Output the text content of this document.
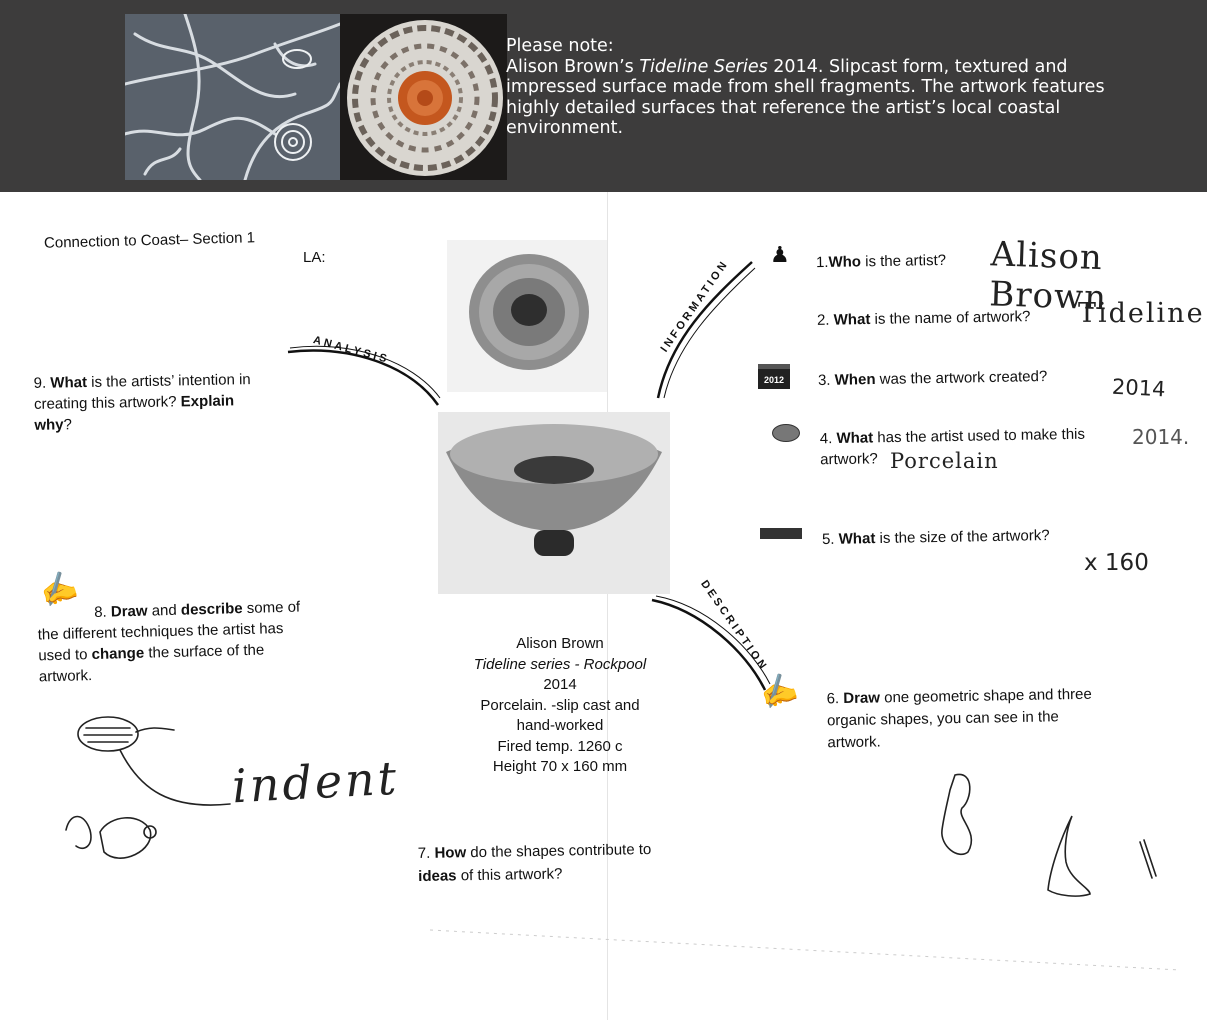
Please note:

Alison Brown’s Tideline Series 2014. Slipcast form, textured and impressed surface made from shell fragments. The artwork features highly detailed surfaces that reference the artist’s local coastal environment.

Connection to Coast– Section 1
LA:
ANALYSIS	INFORMATION
DESCRIPTION
Alison Brown
Tideline series - Rockpool
2014
Porcelain. -slip cast and
hand-worked
Fired temp. 1260 c
Height 70 x 160 mm
♟
2012
✍
✍
1.Who is the artist?
2. What is the name of artwork?
3. When was the artwork created?
4. What has the artist used to make this
artwork?
5. What is the size of the artwork?
6. Draw one geometric shape and three
organic shapes, you can see in the
artwork.
7. How do the shapes contribute to
ideas of this artwork?
8. Draw and describe some of
the different techniques the artist has
used to change the surface of the
artwork.
9. What is the artists’ intention in
creating this artwork? Explain
why?
Alison Brown
Tideline
2014
2014.
Porcelain
x 160
indent
